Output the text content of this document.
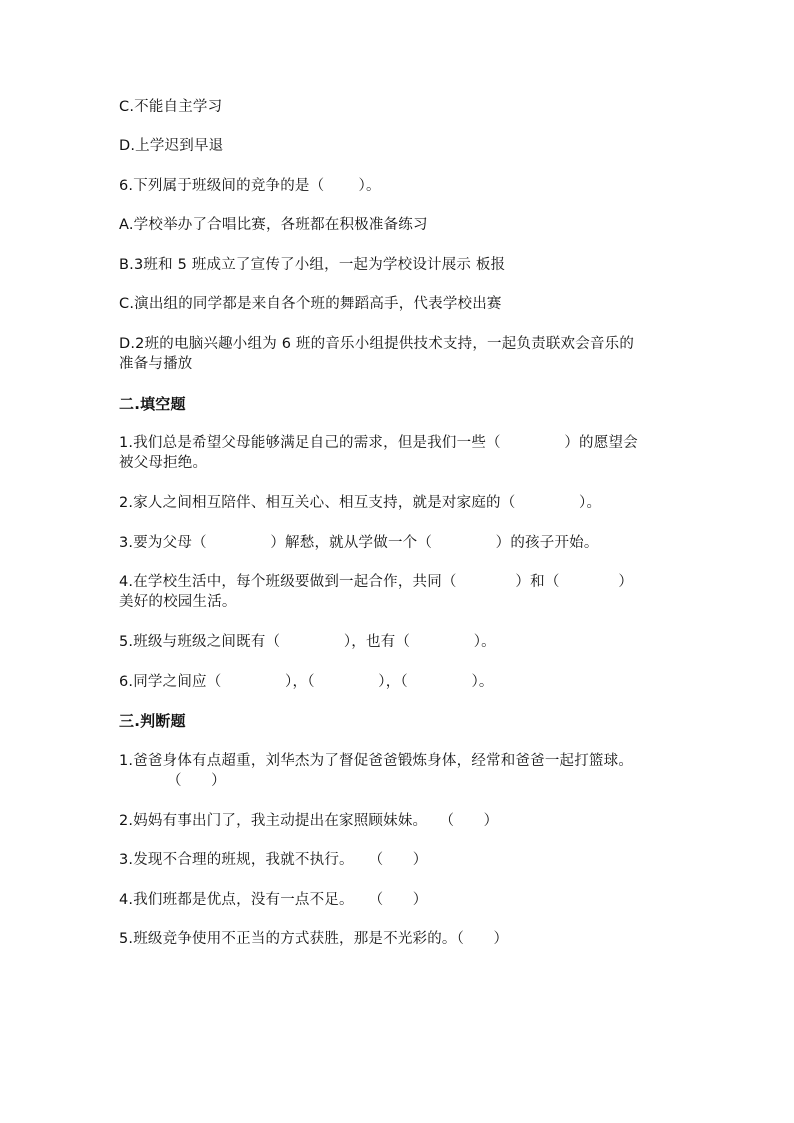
C.不能自主学习
D.上学迟到早退
6.下列属于班级间的竞争的是（　　 ）。
A.学校举办了合唱比赛，各班都在积极准备练习
B.3班和 5 班成立了宣传了小组，一起为学校设计展示 板报
C.演出组的同学都是来自各个班的舞蹈高手，代表学校出赛
D.2班的电脑兴趣小组为 6 班的音乐小组提供技术支持，一起负责联欢会音乐的
准备与播放
二.填空题
1.我们总是希望父母能够满足自己的需求，但是我们一些（　　　　 ）的愿望会
被父母拒绝。
2.家人之间相互陪伴、相互关心、相互支持，就是对家庭的（　　　　 ）。
3.要为父母（　　　　 ）解愁，就从学做一个（　　　　 ）的孩子开始。
4.在学校生活中，每个班级要做到一起合作，共同（　　　　）和（　　　　）
美好的校园生活。
5.班级与班级之间既有（　　　　 ），也有（　　　　 ）。
6.同学之间应（　　　　 ），（　　　　 ），（　　　　 ）。
三.判断题
1.爸爸身体有点超重，刘华杰为了督促爸爸锻炼身体，经常和爸爸一起打篮球。
（　　）
2.妈妈有事出门了，我主动提出在家照顾妹妹。　 （　　）
3.发现不合理的班规，我就不执行。　　（　　）
4.我们班都是优点，没有一点不足。　　（　　）
5.班级竞争使用不正当的方式获胜，那是不光彩的。（　　）
